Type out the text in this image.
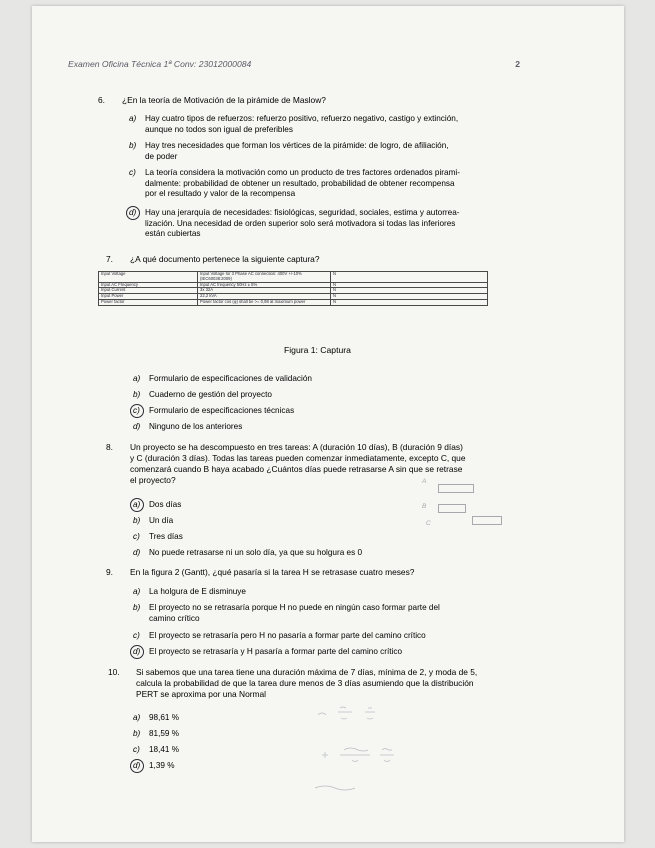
Examen Oficina Técnica 1ª Conv: 23012000084	2
6. ¿En la teoría de Motivación de la pirámide de Maslow?
a) Hay cuatro tipos de refuerzos: refuerzo positivo, refuerzo negativo, castigo y extinción,
aunque no todos son igual de preferibles
b) Hay tres necesidades que forman los vértices de la pirámide: de logro, de afiliación,
de poder
c) La teoría considera la motivación como un producto de tres factores ordenados pirami-
dalmente: probabilidad de obtener un resultado, probabilidad de obtener recompensa
por el resultado y valor de la recompensa
d) Hay una jerarquía de necesidades: fisiológicas, seguridad, sociales, estima y autorrea-
lización. Una necesidad de orden superior solo será motivadora si todas las inferiores
están cubiertas
7. ¿A qué documento pertenece la siguiente captura?
Input Voltage	Input Voltage for 3 Phase AC connection: 400V +/-10% (IEC60038:2009)	N
Input AC Frequency	Input AC frequency 50Hz ± 5%	N
Input Current	3x 32A	N
Input Power	22,2 kVA	N
Power factor	Power factor cos (φ) shall be >= 0,98 at maximum power	N
Figura 1: Captura
a) Formulario de especificaciones de validación
b) Cuaderno de gestión del proyecto
c) Formulario de especificaciones técnicas
d) Ninguno de los anteriores
8. Un proyecto se ha descompuesto en tres tareas: A (duración 10 días), B (duración 9 días)
y C (duración 3 días). Todas las tareas pueden comenzar inmediatamente, excepto C, que
comenzará cuando B haya acabado ¿Cuántos días puede retrasarse A sin que se retrase
el proyecto?
a) Dos días
b) Un día
c) Tres días
d) No puede retrasarse ni un solo día, ya que su holgura es 0
A
B
C
9. En la figura 2 (Gantt), ¿qué pasaría si la tarea H se retrasase cuatro meses?
a) La holgura de E disminuye
b) El proyecto no se retrasaría porque H no puede en ningún caso formar parte del
camino crítico
c) El proyecto se retrasaría pero H no pasaría a formar parte del camino crítico
d) El proyecto se retrasaría y H pasaría a formar parte del camino crítico
10. Si sabemos que una tarea tiene una duración máxima de 7 días, mínima de 2, y moda de 5,
calcula la probabilidad de que la tarea dure menos de 3 días asumiendo que la distribución
PERT se aproxima por una Normal
a) 98,61 %
b) 81,59 %
c) 18,41 %
d) 1,39 %
